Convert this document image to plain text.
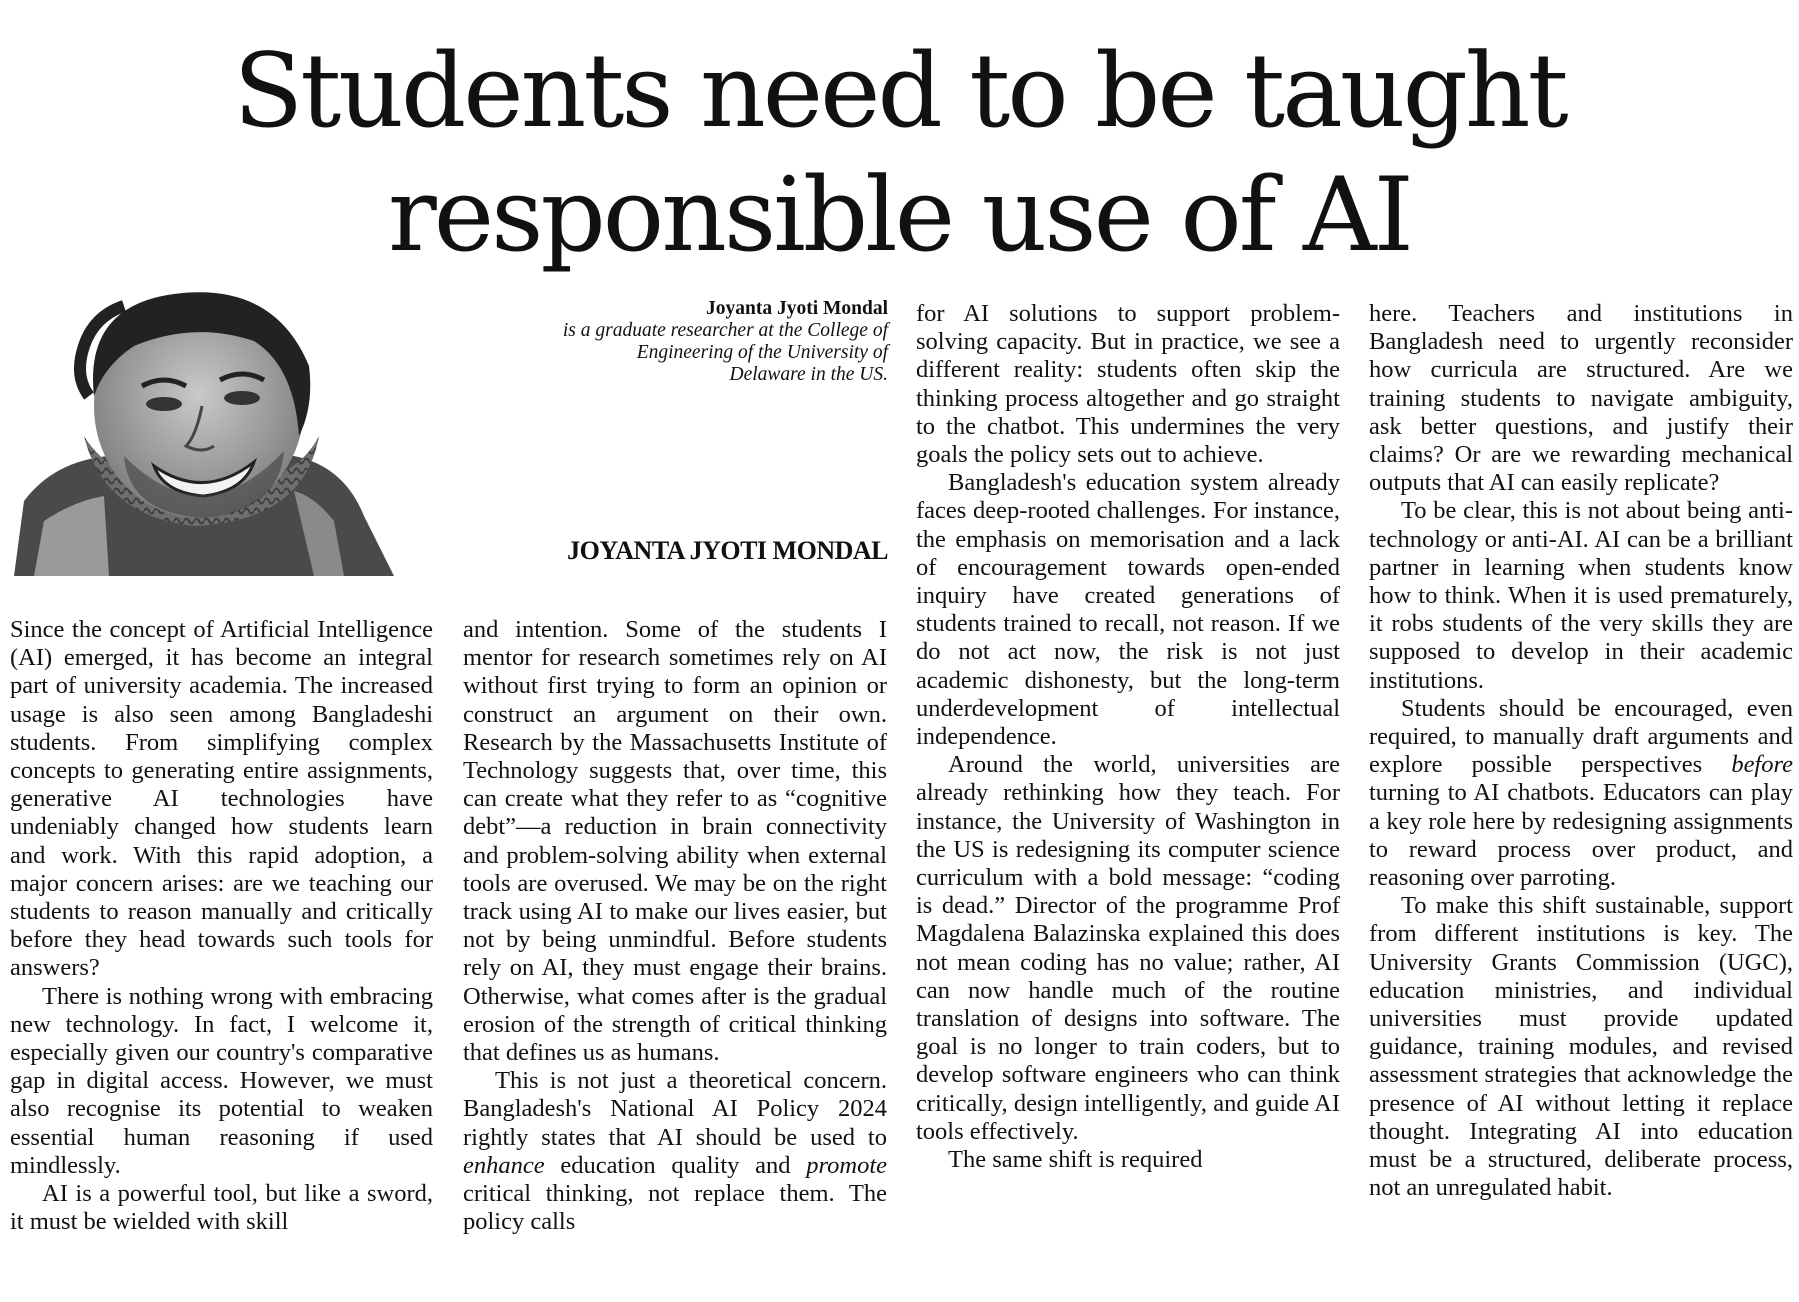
Students need to be taught
responsible use of AI
Joyanta Jyoti Mondal
is a graduate researcher at the College of Engineering of the University of Delaware in the US.
JOYANTA JYOTI MONDAL

Since the concept of Artificial Intelligence (AI) emerged, it has become an integral part of university academia. The increased usage is also seen among Bangladeshi students. From simplifying complex concepts to generating entire assignments, generative AI technologies have undeniably changed how students learn and work. With this rapid adoption, a major concern arises: are we teaching our students to reason manually and critically before they head towards such tools for answers?

There is nothing wrong with embracing new technology. In fact, I welcome it, especially given our country's comparative gap in digital access. However, we must also recognise its potential to weaken essential human reasoning if used mindlessly.

AI is a powerful tool, but like a sword, it must be wielded with skill

and intention. Some of the students I mentor for research sometimes rely on AI without first trying to form an opinion or construct an argument on their own. Research by the Massachusetts Institute of Technology suggests that, over time, this can create what they refer to as “cognitive debt”—a reduction in brain connectivity and problem-solving ability when external tools are overused. We may be on the right track using AI to make our lives easier, but not by being unmindful. Before students rely on AI, they must engage their brains. Otherwise, what comes after is the gradual erosion of the strength of critical thinking that defines us as humans.

This is not just a theoretical concern. Bangladesh's National AI Policy 2024 rightly states that AI should be used to enhance education quality and promote critical thinking, not replace them. The policy calls

for AI solutions to support problem-solving capacity. But in practice, we see a different reality: students often skip the thinking process altogether and go straight to the chatbot. This undermines the very goals the policy sets out to achieve.

Bangladesh's education system already faces deep-rooted challenges. For instance, the emphasis on memorisation and a lack of encouragement towards open-ended inquiry have created generations of students trained to recall, not reason. If we do not act now, the risk is not just academic dishonesty, but the long-term underdevelopment of intellectual independence.

Around the world, universities are already rethinking how they teach. For instance, the University of Washington in the US is redesigning its computer science curriculum with a bold message: “coding is dead.” Director of the programme Prof Magdalena Balazinska explained this does not mean coding has no value; rather, AI can now handle much of the routine translation of designs into software. The goal is no longer to train coders, but to develop software engineers who can think critically, design intelligently, and guide AI tools effectively.

The same shift is required

here. Teachers and institutions in Bangladesh need to urgently reconsider how curricula are structured. Are we training students to navigate ambiguity, ask better questions, and justify their claims? Or are we rewarding mechanical outputs that AI can easily replicate?

To be clear, this is not about being anti-technology or anti-AI. AI can be a brilliant partner in learning when students know how to think. When it is used prematurely, it robs students of the very skills they are supposed to develop in their academic institutions.

Students should be encouraged, even required, to manually draft arguments and explore possible perspectives before turning to AI chatbots. Educators can play a key role here by redesigning assignments to reward process over product, and reasoning over parroting.

To make this shift sustainable, support from different institutions is key. The University Grants Commission (UGC), education ministries, and individual universities must provide updated guidance, training modules, and revised assessment strategies that acknowledge the presence of AI without letting it replace thought. Integrating AI into education must be a structured, deliberate process, not an unregulated habit.
